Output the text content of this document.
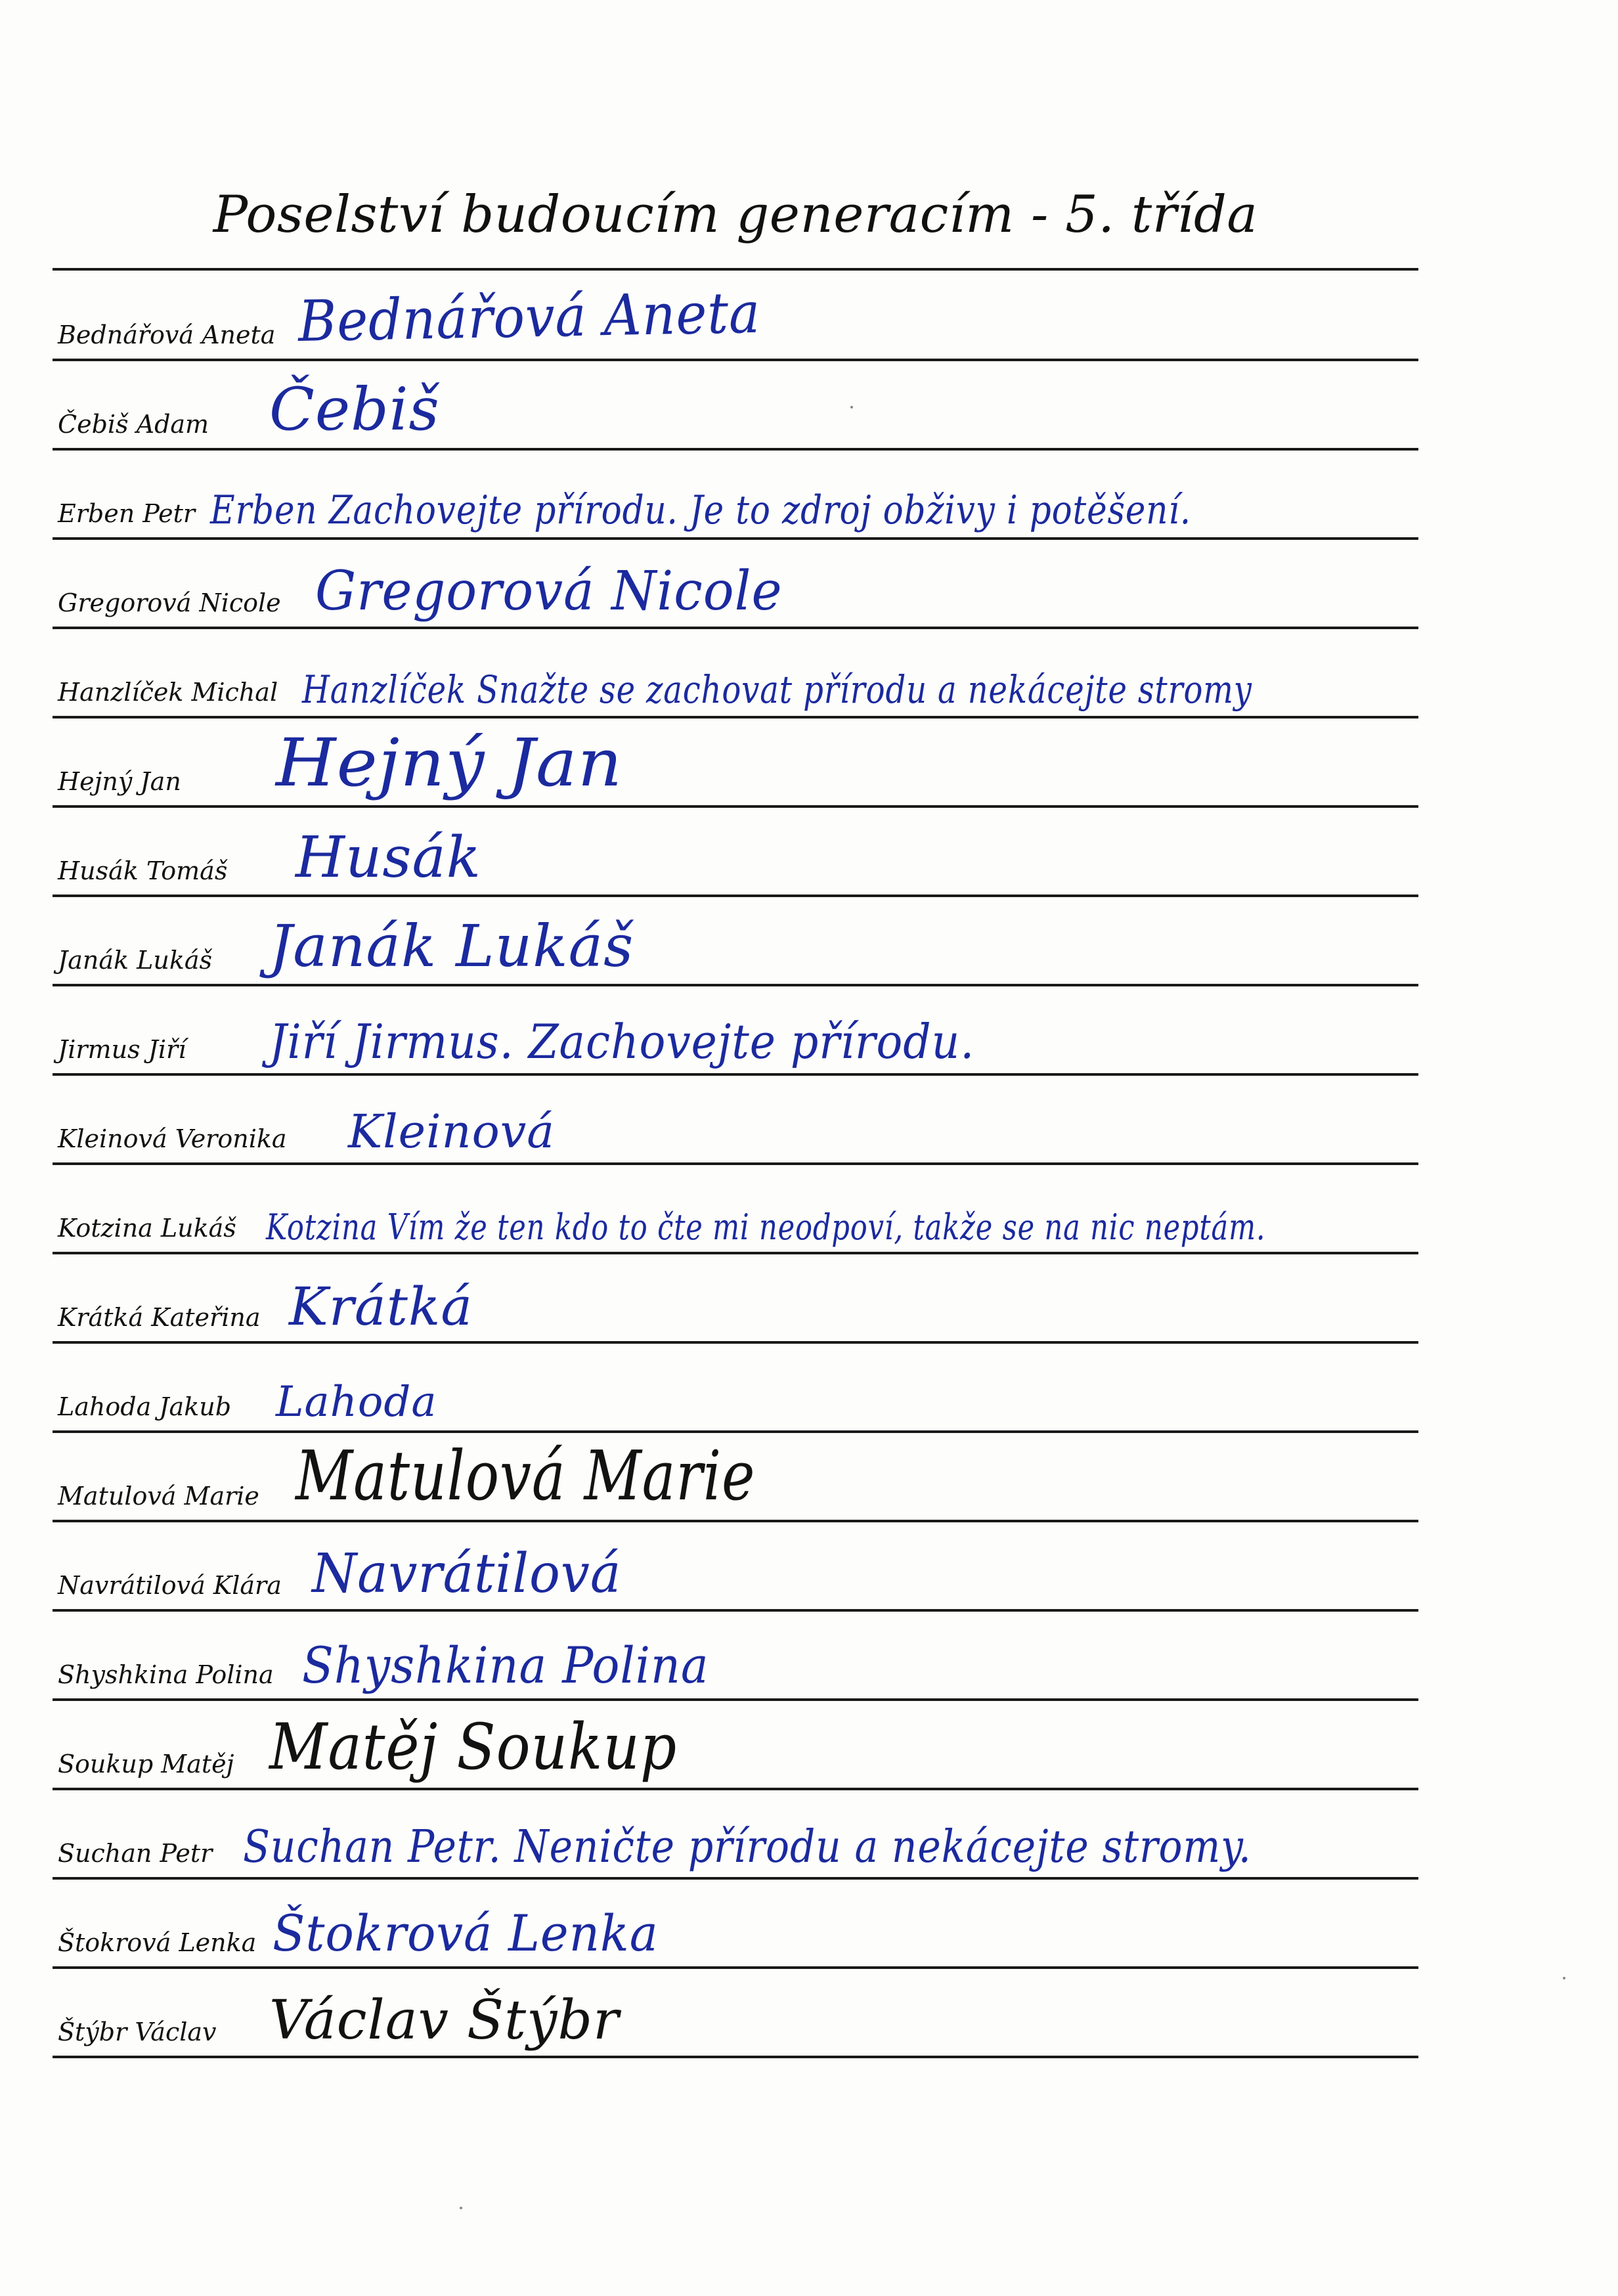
Poselství budoucím generacím - 5. třída
Bednářová Aneta Bednářová Aneta
Čebiš Adam Čebiš
Erben Petr Erben Zachovejte přírodu. Je to zdroj obživy i potěšení.
Gregorová Nicole Gregorová Nicole
Hanzlíček Michal Hanzlíček Snažte se zachovat přírodu a nekácejte stromy
Hejný Jan Hejný Jan
Husák Tomáš Husák
Janák Lukáš Janák Lukáš
Jirmus Jiří Jiří Jirmus. Zachovejte přírodu.
Kleinová Veronika Kleinová
Kotzina Lukáš Kotzina Vím že ten kdo to čte mi neodpoví, takže se na nic neptám.
Krátká Kateřina Krátká
Lahoda Jakub Lahoda
Matulová Marie Matulová Marie
Navrátilová Klára Navrátilová
Shyshkina Polina Shyshkina Polina
Soukup Matěj Matěj Soukup
Suchan Petr Suchan Petr. Neničte přírodu a nekácejte stromy.
Štokrová Lenka Štokrová Lenka
Štýbr Václav Václav Štýbr
